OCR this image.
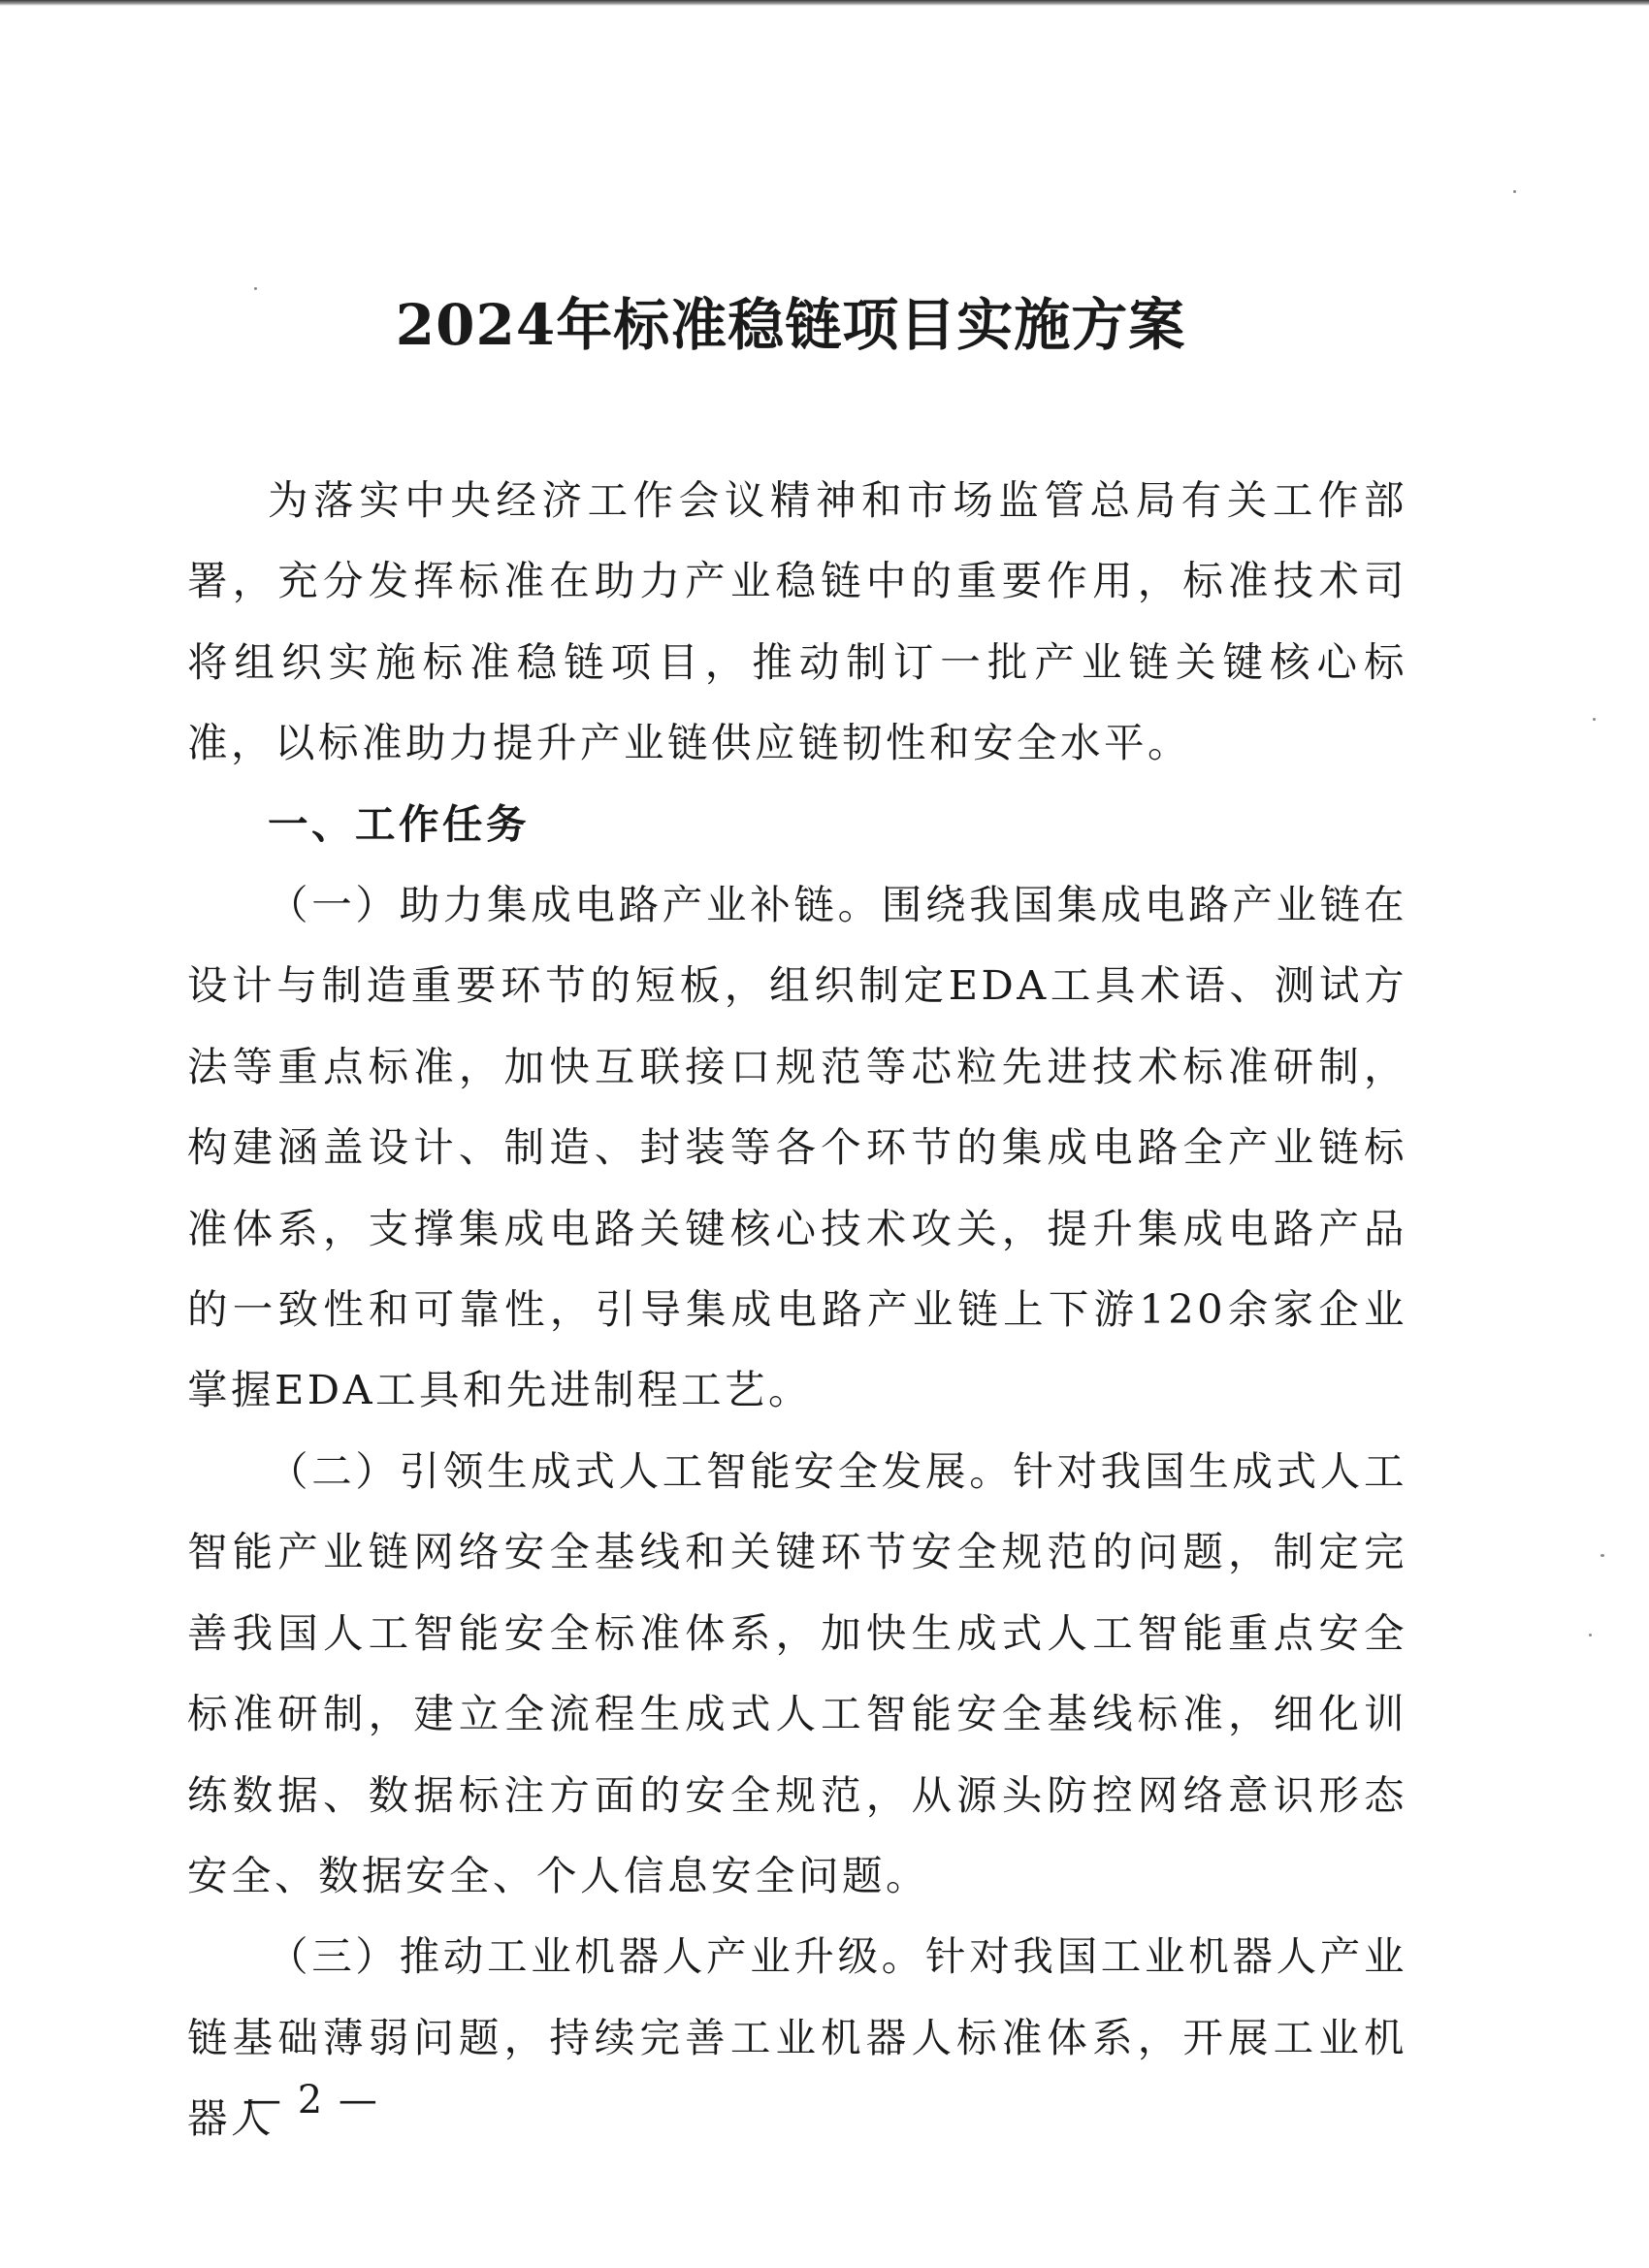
2024年标准稳链项目实施方案

为落实中央经济工作会议精神和市场监管总局有关工作部署，充分发挥标准在助力产业稳链中的重要作用，标准技术司将组织实施标准稳链项目，推动制订一批产业链关键核心标准，以标准助力提升产业链供应链韧性和安全水平。

一、工作任务

（一）助力集成电路产业补链。围绕我国集成电路产业链在设计与制造重要环节的短板，组织制定EDA工具术语、测试方法等重点标准，加快互联接口规范等芯粒先进技术标准研制，构建涵盖设计、制造、封装等各个环节的集成电路全产业链标准体系，支撑集成电路关键核心技术攻关，提升集成电路产品的一致性和可靠性，引导集成电路产业链上下游120余家企业掌握EDA工具和先进制程工艺。

（二）引领生成式人工智能安全发展。针对我国生成式人工智能产业链网络安全基线和关键环节安全规范的问题，制定完善我国人工智能安全标准体系，加快生成式人工智能重点安全标准研制，建立全流程生成式人工智能安全基线标准，细化训练数据、数据标注方面的安全规范，从源头防控网络意识形态安全、数据安全、个人信息安全问题。

（三）推动工业机器人产业升级。针对我国工业机器人产业链基础薄弱问题，持续完善工业机器人标准体系，开展工业机器人

— 2 —
